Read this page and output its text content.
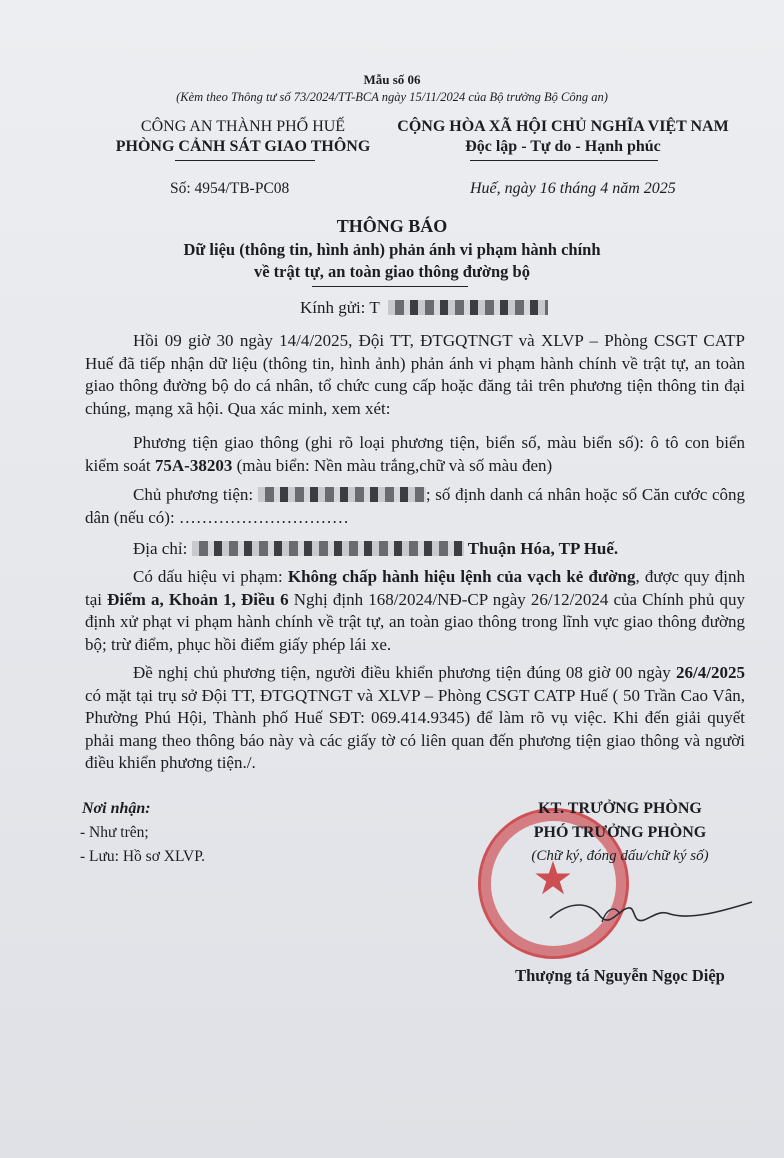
Mẫu số 06
(Kèm theo Thông tư số 73/2024/TT-BCA ngày 15/11/2024 của Bộ trưởng Bộ Công an)
CÔNG AN THÀNH PHỐ HUẾ
PHÒNG CẢNH SÁT GIAO THÔNG
CỘNG HÒA XÃ HỘI CHỦ NGHĨA VIỆT NAM
Độc lập - Tự do - Hạnh phúc
Số: 4954/TB-PC08	Huế, ngày 16 tháng 4 năm 2025
THÔNG BÁO
Dữ liệu (thông tin, hình ảnh) phản ánh vi phạm hành chính
về trật tự, an toàn giao thông đường bộ
Kính gửi: T
Hồi 09 giờ 30 ngày 14/4/2025, Đội TT, ĐTGQTNGT và XLVP – Phòng CSGT CATP Huế đã tiếp nhận dữ liệu (thông tin, hình ảnh) phản ánh vi phạm hành chính về trật tự, an toàn giao thông đường bộ do cá nhân, tổ chức cung cấp hoặc đăng tải trên phương tiện thông tin đại chúng, mạng xã hội. Qua xác minh, xem xét:
Phương tiện giao thông (ghi rõ loại phương tiện, biển số, màu biển số): ô tô con biển kiểm soát 75A-38203 (màu biển: Nền màu trắng,chữ và số màu đen)
Chủ phương tiện:	; số định danh cá nhân hoặc số Căn cước công dân (nếu có): …………………………
Địa chỉ:	Thuận Hóa, TP Huế.
Có dấu hiệu vi phạm: Không chấp hành hiệu lệnh của vạch kẻ đường, được quy định tại Điểm a, Khoản 1, Điều 6 Nghị định 168/2024/NĐ-CP ngày 26/12/2024 của Chính phủ quy định xử phạt vi phạm hành chính về trật tự, an toàn giao thông trong lĩnh vực giao thông đường bộ; trừ điểm, phục hồi điểm giấy phép lái xe.
Đề nghị chủ phương tiện, người điều khiển phương tiện đúng 08 giờ 00 ngày 26/4/2025 có mặt tại trụ sở Đội TT, ĐTGQTNGT và XLVP – Phòng CSGT CATP Huế ( 50 Trần Cao Vân, Phường Phú Hội, Thành phố Huế SĐT: 069.414.9345) để làm rõ vụ việc. Khi đến giải quyết phải mang theo thông báo này và các giấy tờ có liên quan đến phương tiện giao thông và người điều khiển phương tiện./.
Nơi nhận:
- Như trên;
- Lưu: Hồ sơ XLVP.	★
KT. TRƯỞNG PHÒNG
PHÓ TRƯỞNG PHÒNG
(Chữ ký, đóng dấu/chữ ký số)
Thượng tá Nguyễn Ngọc Diệp
